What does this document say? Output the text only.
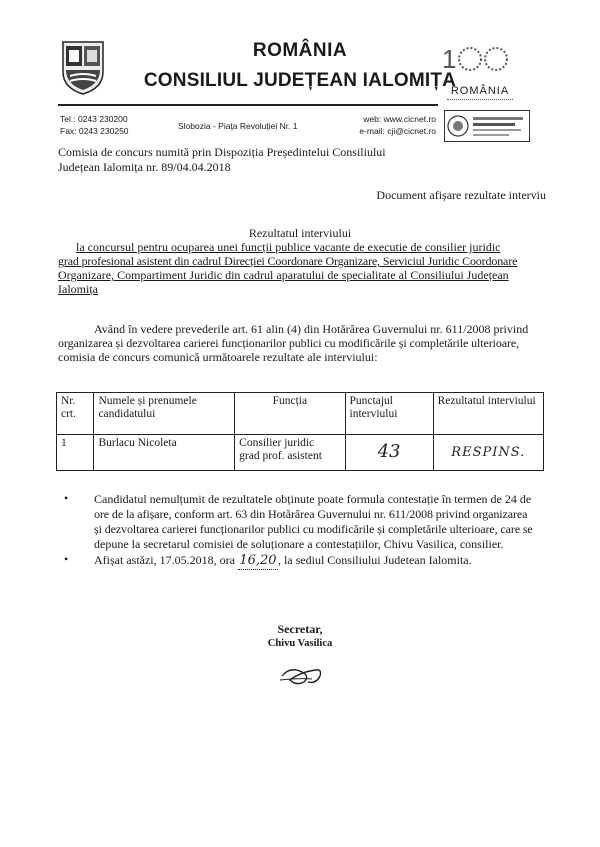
ROMÂNIA
CONSILIUL JUDEȚEAN IALOMIȚA
1
ROMÂNIA
Tel.: 0243 230200
Fax: 0243 230250	Slobozia - Piața Revoluției Nr. 1
web: www.cicnet.ro
e-mail: cji@cicnet.ro
Comisia de concurs numită prin Dispoziția Președintelui Consiliului
Județean Ialomița nr. 89/04.04.2018
Document afișare rezultate interviu
Rezultatul interviului
la concursul pentru ocuparea unei funcții publice vacante de executie de consilier juridic
grad profesional asistent din cadrul Direcției Coordonare Organizare, Serviciul Juridic Coordonare
Organizare, Compartiment Juridic din cadrul aparatului de specialitate al Consiliului Județean
Ialomița
Având în vedere prevederile art. 61 alin (4) din Hotărârea Guvernului nr. 611/2008 privind
organizarea și dezvoltarea carierei funcționarilor publici cu modificările și completările ulterioare,
comisia de concurs comunică următoarele rezultate ale interviului:
Nr. crt.	Numele și prenumele candidatului	Funcția	Punctajul interviului	Rezultatul interviului
1	Burlacu Nicoleta	Consilier juridic
grad prof. asistent	43	RESPINS.
• Candidatul nemulțumit de rezultatele obținute poate formula contestație în termen de 24 de
ore de la afișare, conform art. 63 din Hotărârea Guvernului nr. 611/2008 privind organizarea
și dezvoltarea carierei funcționarilor publici cu modificările și completările ulterioare, care se
depune la secretarul comisiei de soluționare a contestațiilor, Chivu Vasilica, consilier.
• Afișat astăzi, 17.05.2018, ora 16,20, la sediul Consiliului Judetean Ialomita.
Secretar,
Chivu Vasilica
